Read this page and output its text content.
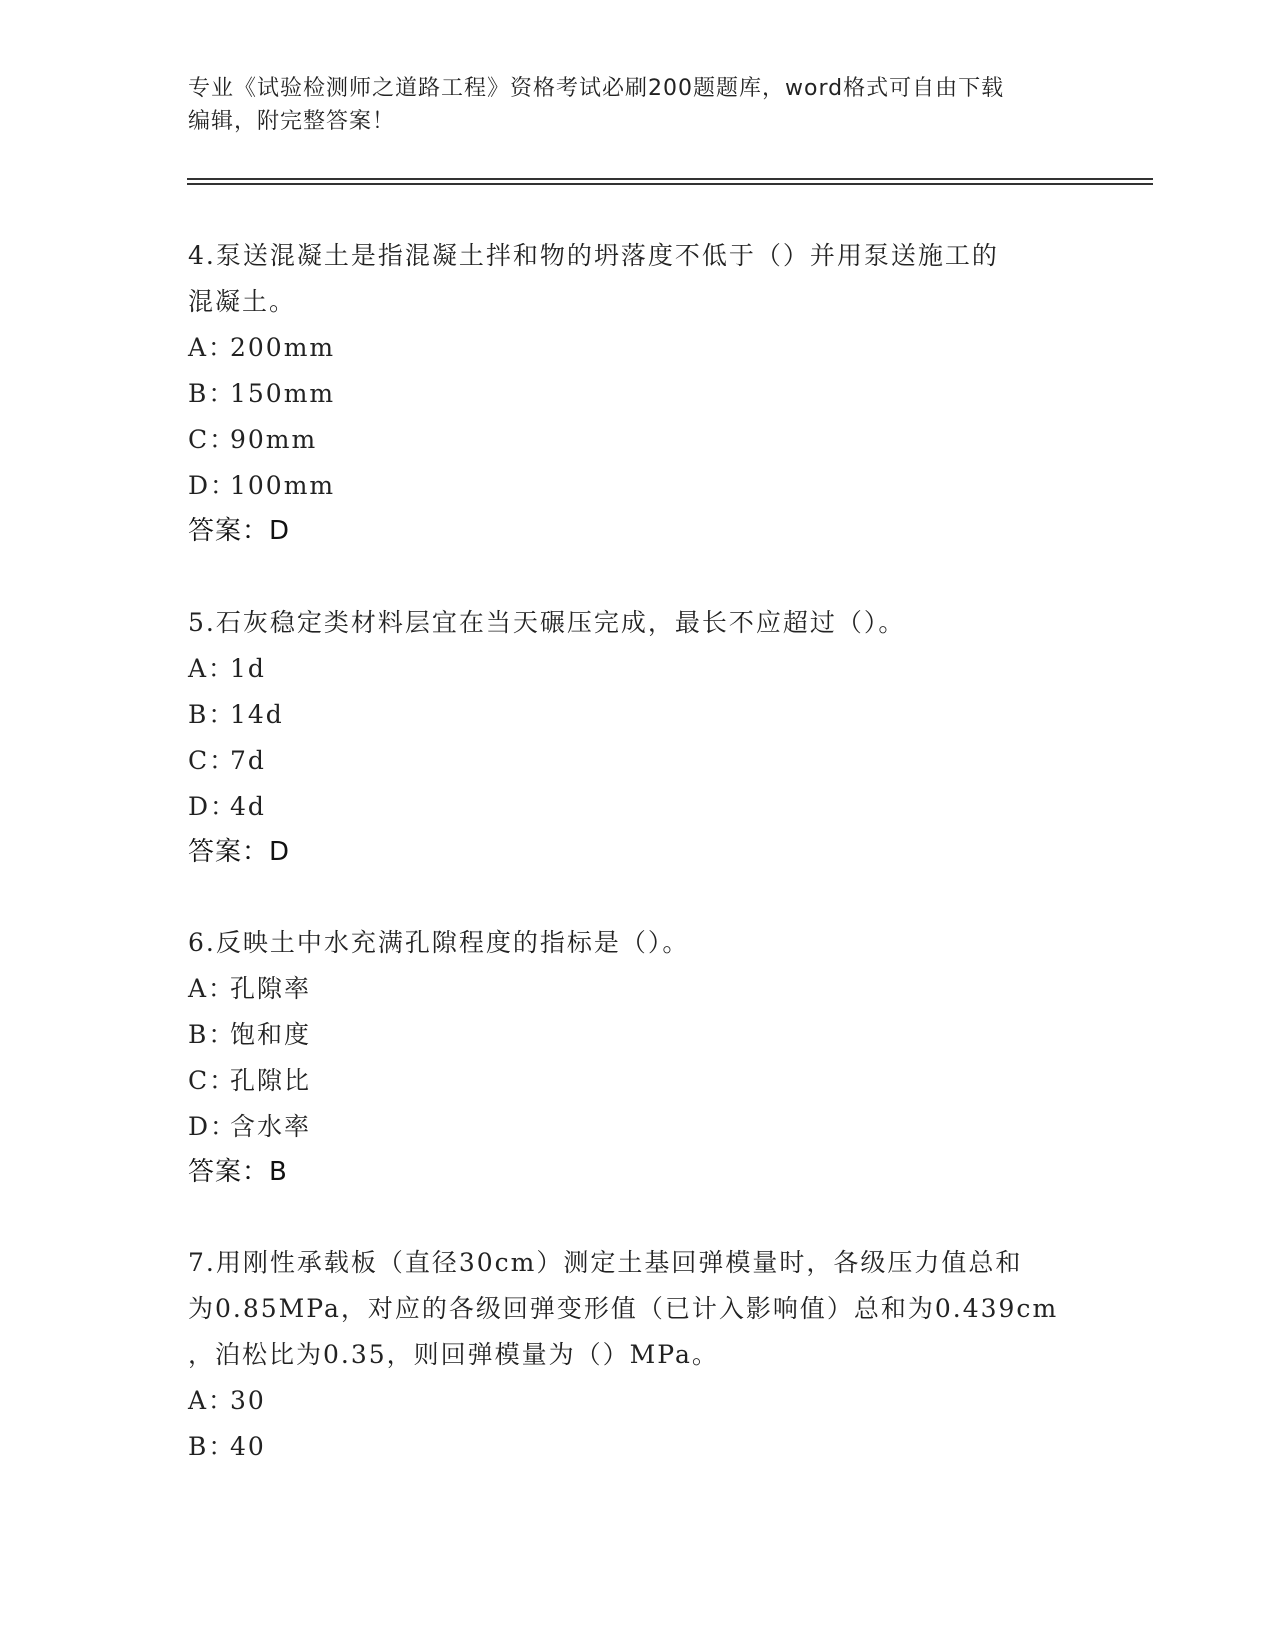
专业《试验检测师之道路工程》资格考试必刷200题题库，word格式可自由下载
编辑，附完整答案！
4.泵送混凝土是指混凝土拌和物的坍落度不低于（）并用泵送施工的
混凝土。
A：200mm
B：150mm
C：90mm
D：100mm
答案：D
5.石灰稳定类材料层宜在当天碾压完成，最长不应超过（）。
A：1d
B：14d
C：7d
D：4d
答案：D
6.反映土中水充满孔隙程度的指标是（）。
A：孔隙率
B：饱和度
C：孔隙比
D：含水率
答案：B
7.用刚性承载板（直径30cm）测定土基回弹模量时，各级压力值总和
为0.85MPa，对应的各级回弹变形值（已计入影响值）总和为0.439cm
，泊松比为0.35，则回弹模量为（）MPa。
A：30
B：40
